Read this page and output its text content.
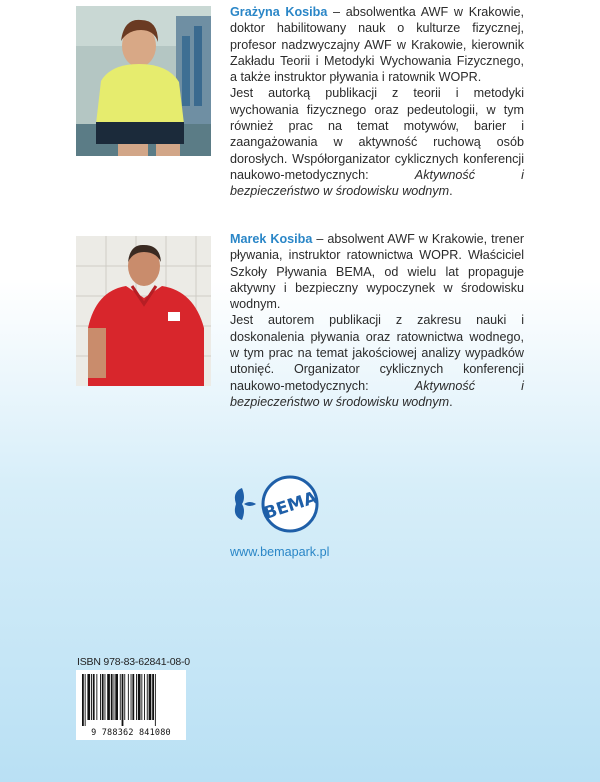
Grażyna Kosiba – absolwentka AWF w Krakowie, doktor habilitowany nauk o kulturze fizycznej, profesor nadzwyczajny AWF w Krakowie, kierownik Zakładu Teorii i Metodyki Wychowania Fizycznego, a także instruktor pływania i ratownik WOPR.

Jest autorką publikacji z teorii i metodyki wychowania fizycznego oraz pedeutologii, w tym również prac na temat motywów, barier i zaangażowania w aktywność ruchową osób dorosłych. Współorganizator cyklicznych konferencji naukowo-metodycznych: Aktywność i bezpieczeństwo w środowisku wodnym.

Marek Kosiba – absolwent AWF w Krakowie, trener pływania, instruktor ratownictwa WOPR. Właściciel Szkoły Pływania BEMA, od wielu lat propaguje aktywny i bezpieczny wypoczynek w środowisku wodnym.

Jest autorem publikacji z zakresu nauki i doskonalenia pływania oraz ratownictwa wodnego, w tym prac na temat jakościowej analizy wypadków utonięć. Organizator cyklicznych konferencji naukowo-metodycznych: Aktywność i bezpieczeństwo w środowisku wodnym.

BEMA
www.bemapark.pl
ISBN 978-83-62841-08-0
9 788362 841080
